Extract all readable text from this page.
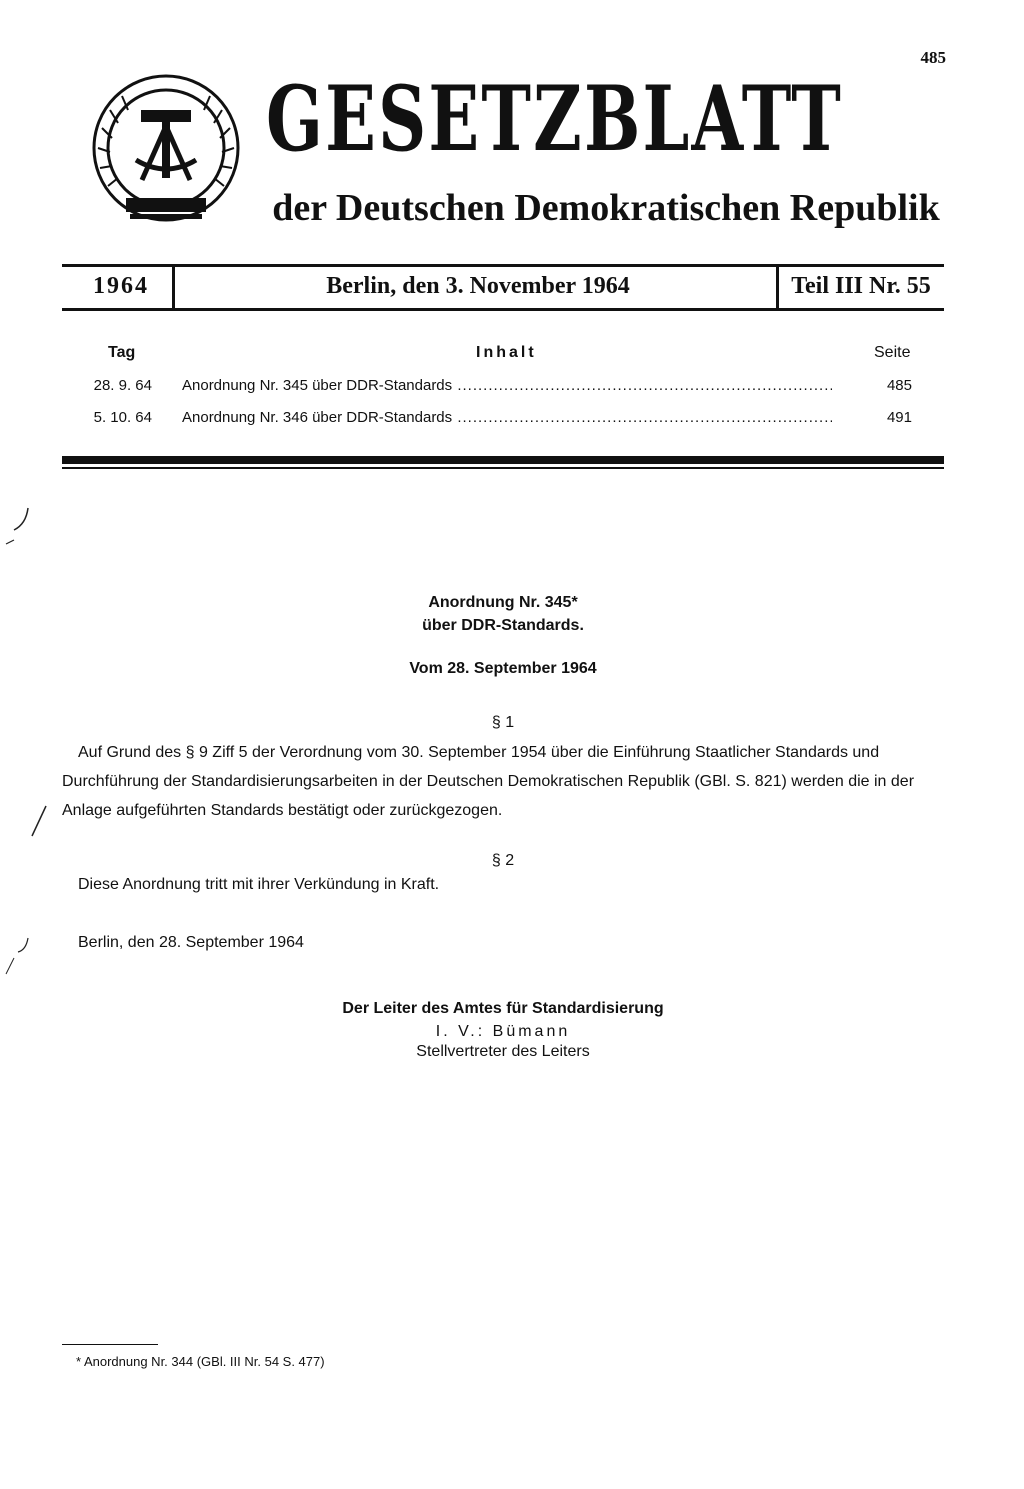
485
GESETZBLATT
der Deutschen Demokratischen Republik
1964	Berlin, den 3. November 1964	Teil III Nr. 55
Tag	Inhalt	Seite
28. 9. 64 Anordnung Nr. 345 über DDR-Standards .....	485
5. 10. 64 Anordnung Nr. 346 über DDR-Standards .....	491
Anordnung Nr. 345*
über DDR-Standards.
Vom 28. September 1964
§ 1
Auf Grund des § 9 Ziff 5 der Verordnung vom 30. September 1954 über die Einführung Staatlicher Standards und Durchführung der Standardisierungsarbeiten in der Deutschen Demokratischen Republik (GBl. S. 821) werden die in der Anlage aufgeführten Standards bestätigt oder zurückgezogen.
§ 2
Diese Anordnung tritt mit ihrer Verkündung in Kraft.
Berlin, den 28. September 1964
Der Leiter des Amtes für Standardisierung
I. V.: Bümann
Stellvertreter des Leiters
* Anordnung Nr. 344 (GBl. III Nr. 54 S. 477)
